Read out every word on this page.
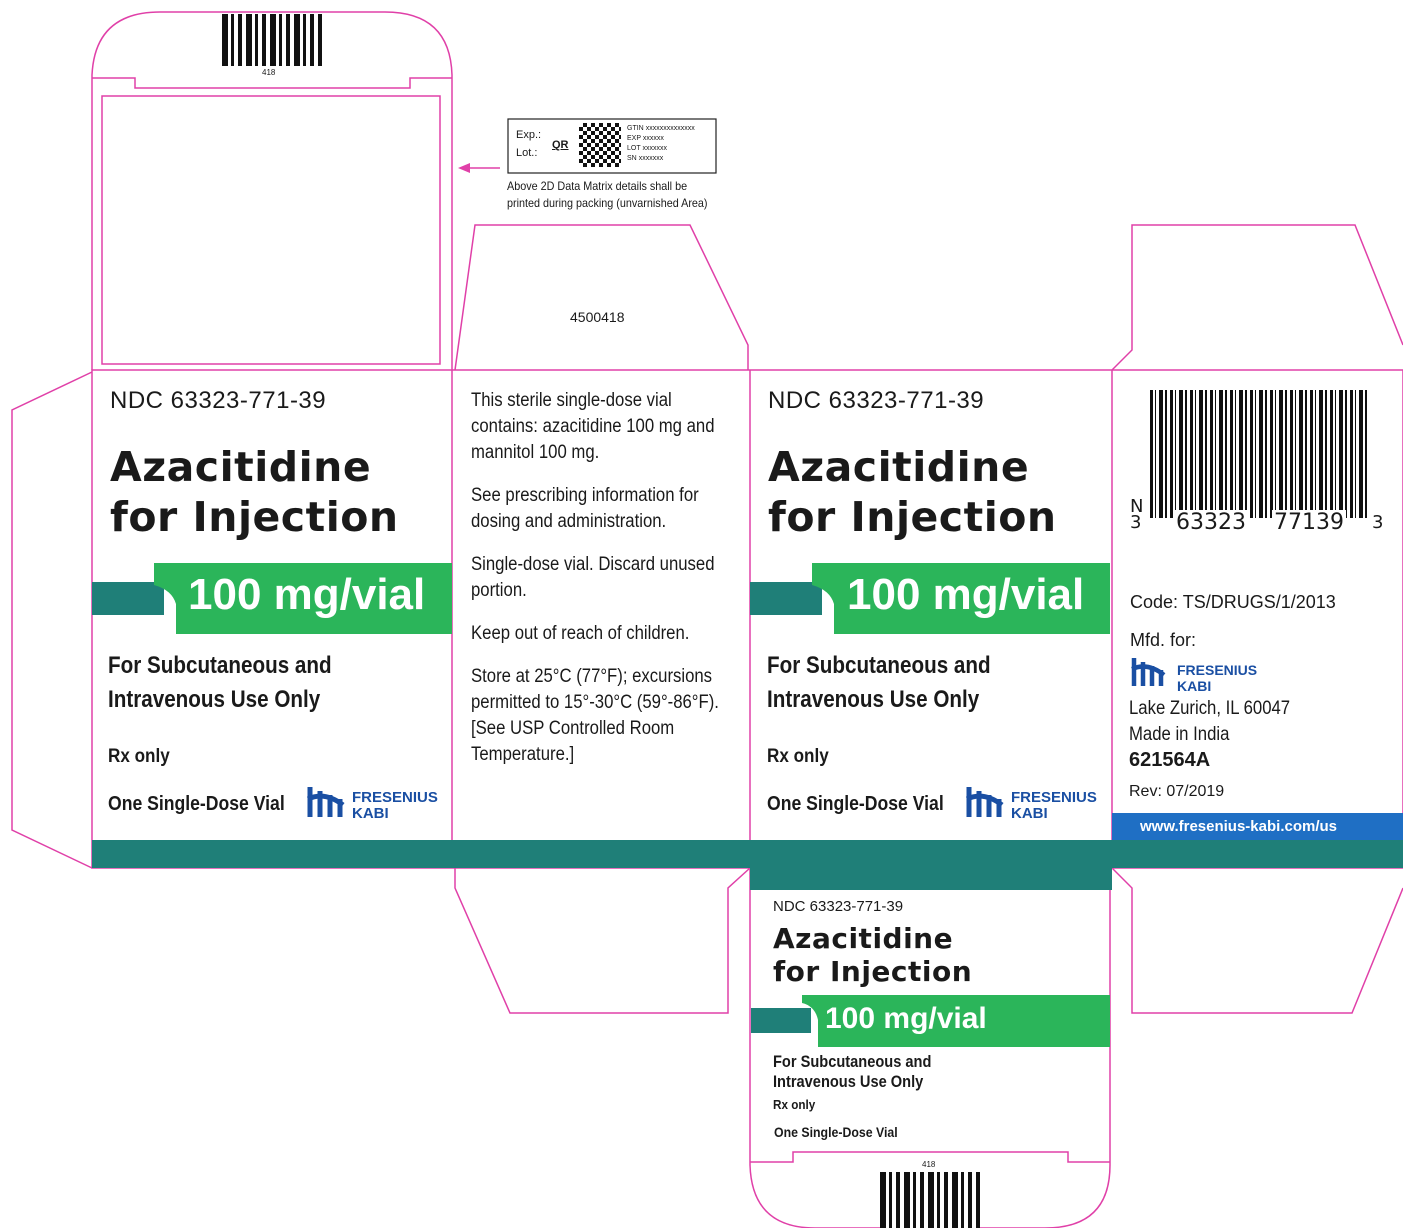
418
Exp.:
Lot.:
QR
GTIN xxxxxxxxxxxxxx
EXP xxxxxx
LOT xxxxxxx
SN xxxxxxx
Above 2D Data Matrix details shall be
printed during packing (unvarnished Area)
4500418
NDC 63323-771-39
Azacitidine
for Injection
100 mg/vial
For Subcutaneous and
Intravenous Use Only
Rx only
One Single-Dose Vial	FRESENIUS
KABI

This sterile single-dose vial contains: azacitidine 100 mg and mannitol 100 mg.

See prescribing information for dosing and administration.

Single-dose vial. Discard unused portion.

Keep out of reach of children.

Store at 25°C (77°F); excursions permitted to 15°-30°C (59°-86°F). [See USP Controlled Room Temperature.]

NDC 63323-771-39
Azacitidine
for Injection
100 mg/vial
For Subcutaneous and
Intravenous Use Only
Rx only
One Single-Dose Vial	FRESENIUS
KABI
N
3 63323 77139 3
Code: TS/DRUGS/1/2013
Mfd. for:
FRESENIUS
KABI
Lake Zurich, IL 60047
Made in India
621564A
Rev: 07/2019
www.fresenius-kabi.com/us
NDC 63323-771-39
Azacitidine
for Injection
100 mg/vial
For Subcutaneous and
Intravenous Use Only
Rx only
One Single-Dose Vial
418
